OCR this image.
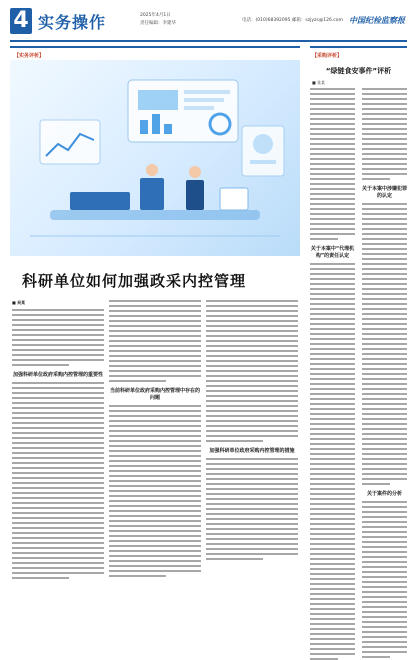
4 实务操作	2025年4月1日
责任编辑：李建华
电话：(010)68392095 邮箱：szjyzs@126.com 中国纪检监察报
【实务评析】
科研单位如何加强政采内控管理
■ 吴某
加强科研单位政府采购内控管理的重要性
当前科研单位政府采购内控管理中存在的问题
加强科研单位政府采购内控管理的措施
【采购评析】
“绿链食安事件”评析
■ 张某
关于本案中“代理机构”的责任认定
关于本案中涉嫌犯罪的认定
关于案件的分析
